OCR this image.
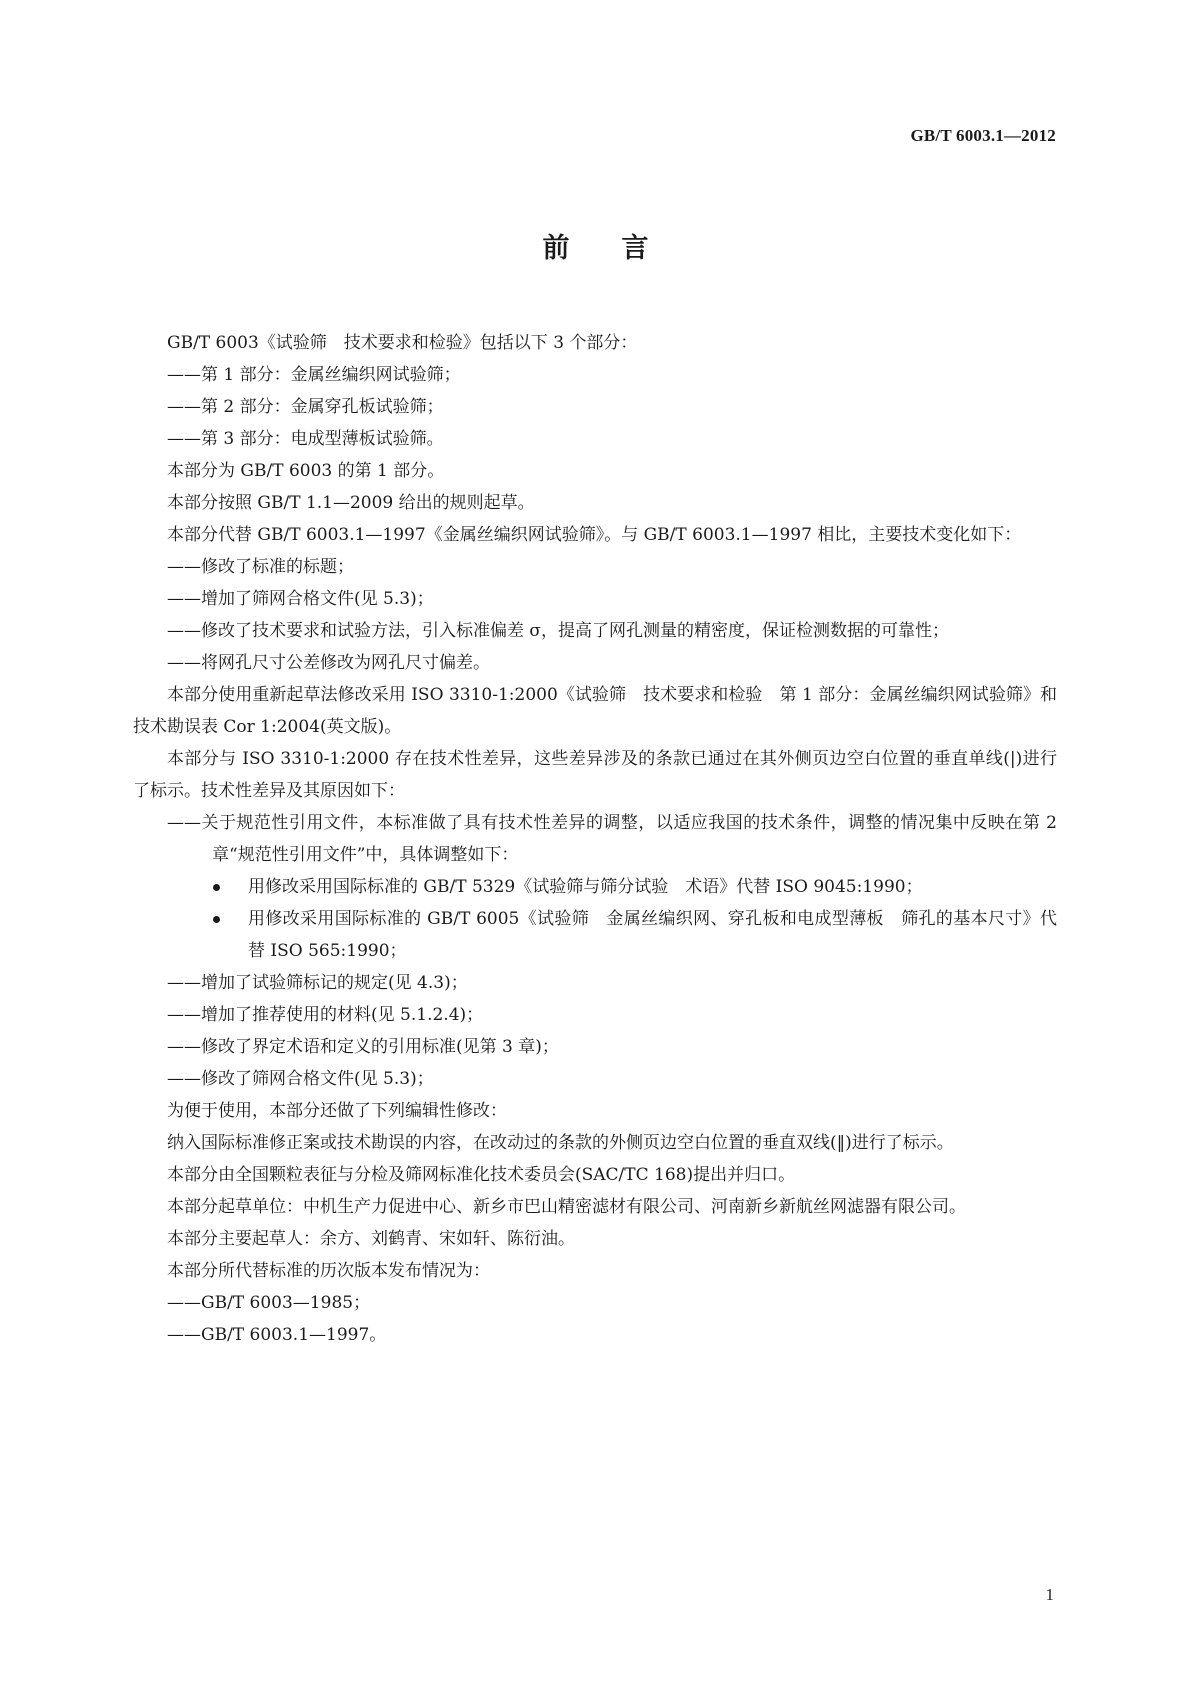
GB/T 6003.1—2012
前 言

GB/T 6003《试验筛　技术要求和检验》包括以下 3 个部分：

——第 1 部分：金属丝编织网试验筛；

——第 2 部分：金属穿孔板试验筛；

——第 3 部分：电成型薄板试验筛。

本部分为 GB/T 6003 的第 1 部分。

本部分按照 GB/T 1.1—2009 给出的规则起草。

本部分代替 GB/T 6003.1—1997《金属丝编织网试验筛》。与 GB/T 6003.1—1997 相比，主要技术变化如下：

——修改了标准的标题；

——增加了筛网合格文件(见 5.3)；

——修改了技术要求和试验方法，引入标准偏差 σ，提高了网孔测量的精密度，保证检测数据的可靠性；

——将网孔尺寸公差修改为网孔尺寸偏差。

本部分使用重新起草法修改采用 ISO 3310-1:2000《试验筛　技术要求和检验　第 1 部分：金属丝编织网试验筛》和技术勘误表 Cor 1:2004(英文版)。

本部分与 ISO 3310-1:2000 存在技术性差异，这些差异涉及的条款已通过在其外侧页边空白位置的垂直单线(|)进行了标示。技术性差异及其原因如下：

——关于规范性引用文件，本标准做了具有技术性差异的调整，以适应我国的技术条件，调整的情况集中反映在第 2 章“规范性引用文件”中，具体调整如下：

用修改采用国际标准的 GB/T 5329《试验筛与筛分试验　术语》代替 ISO 9045:1990；
用修改采用国际标准的 GB/T 6005《试验筛　金属丝编织网、穿孔板和电成型薄板　筛孔的基本尺寸》代替 ISO 565:1990；

——增加了试验筛标记的规定(见 4.3)；

——增加了推荐使用的材料(见 5.1.2.4)；

——修改了界定术语和定义的引用标准(见第 3 章)；

——修改了筛网合格文件(见 5.3)；

为便于使用，本部分还做了下列编辑性修改：

纳入国际标准修正案或技术勘误的内容，在改动过的条款的外侧页边空白位置的垂直双线(‖)进行了标示。

本部分由全国颗粒表征与分检及筛网标准化技术委员会(SAC/TC 168)提出并归口。

本部分起草单位：中机生产力促进中心、新乡市巴山精密滤材有限公司、河南新乡新航丝网滤器有限公司。

本部分主要起草人：余方、刘鹤青、宋如轩、陈衍油。

本部分所代替标准的历次版本发布情况为：

——GB/T 6003—1985；

——GB/T 6003.1—1997。

1
